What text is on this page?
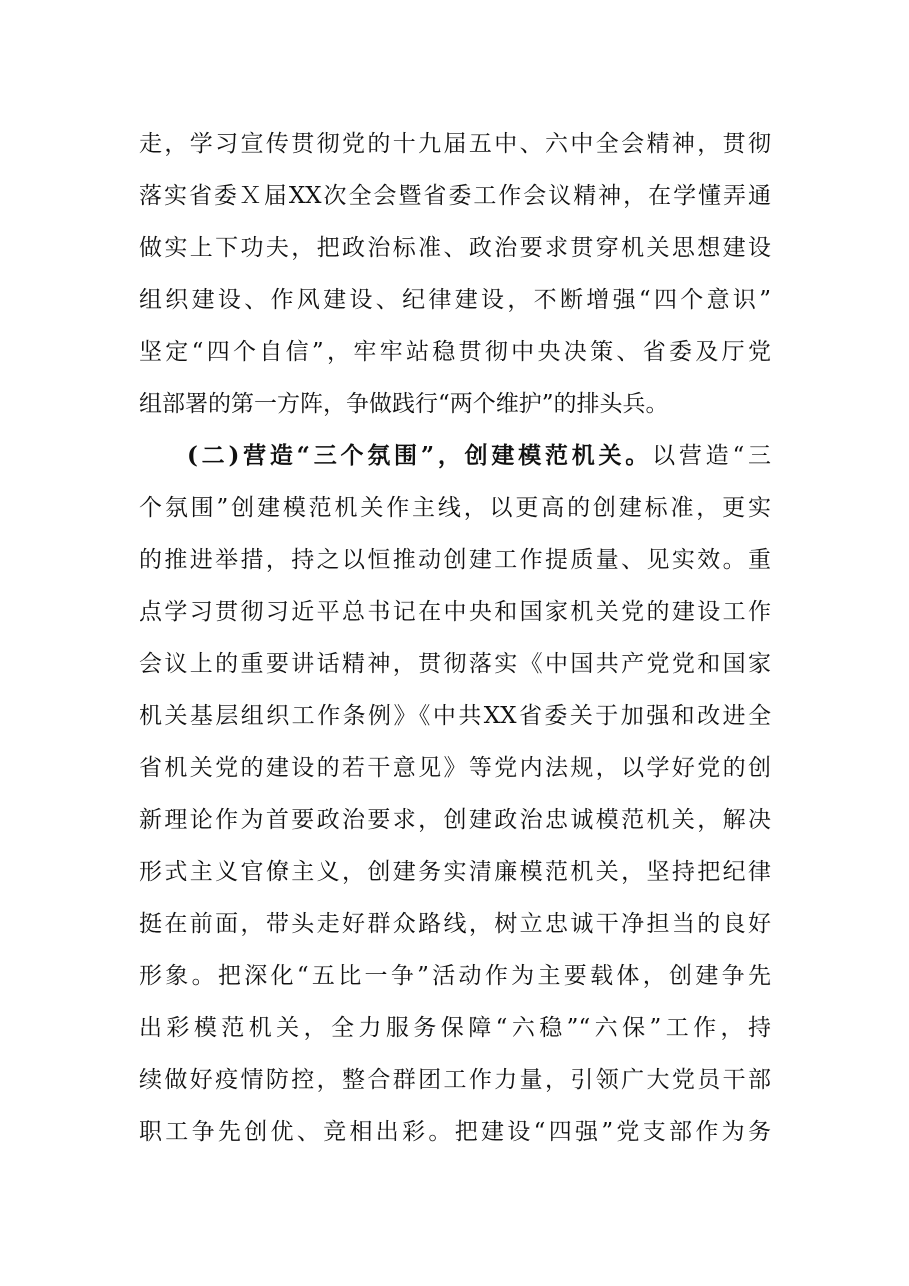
走，学习宣传贯彻党的十九届五中、六中全会精神，贯彻
落实省委Ｘ届XX次全会暨省委工作会议精神，在学懂弄通
做实上下功夫，把政治标准、政治要求贯穿机关思想建设
组织建设、作风建设、纪律建设，不断增强“四个意识”
坚定“四个自信”，牢牢站稳贯彻中央决策、省委及厅党
组部署的第一方阵，争做践行“两个维护”的排头兵。
(二)营造“三个氛围”，创建模范机关。以营造“三
个氛围”创建模范机关作主线，以更高的创建标准，更实
的推进举措，持之以恒推动创建工作提质量、见实效。重
点学习贯彻习近平总书记在中央和国家机关党的建设工作
会议上的重要讲话精神，贯彻落实《中国共产党党和国家
机关基层组织工作条例》《中共XX省委关于加强和改进全
省机关党的建设的若干意见》等党内法规，以学好党的创
新理论作为首要政治要求，创建政治忠诚模范机关，解决
形式主义官僚主义，创建务实清廉模范机关，坚持把纪律
挺在前面，带头走好群众路线，树立忠诚干净担当的良好
形象。把深化“五比一争”活动作为主要载体，创建争先
出彩模范机关，全力服务保障“六稳”“六保”工作，持
续做好疫情防控，整合群团工作力量，引领广大党员干部
职工争先创优、竞相出彩。把建设“四强”党支部作为务
